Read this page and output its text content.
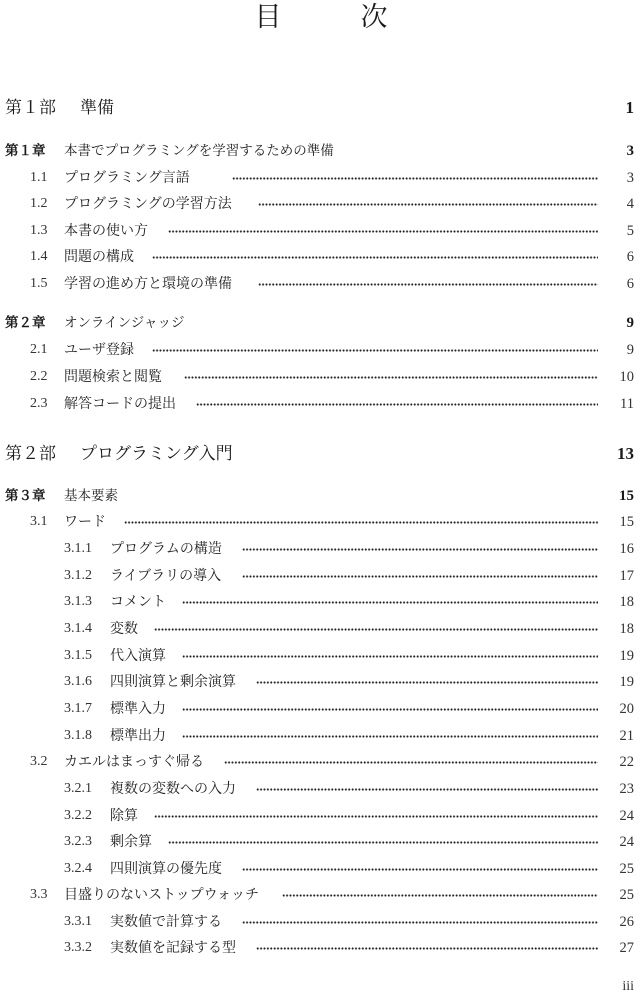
目　次
第１部 準備	1
第１章 本書でプログラミングを学習するための準備	3
1.1 プログラミング言語	3
1.2 プログラミングの学習方法	4
1.3 本書の使い方	5
1.4 問題の構成	6
1.5 学習の進め方と環境の準備	6
第２章 オンラインジャッジ	9
2.1 ユーザ登録	9
2.2 問題検索と閲覧	10
2.3 解答コードの提出	11
第２部 プログラミング入門	13
第３章 基本要素	15
3.1 ワード	15
3.1.1 プログラムの構造	16
3.1.2 ライブラリの導入	17
3.1.3 コメント	18
3.1.4 変数	18
3.1.5 代入演算	19
3.1.6 四則演算と剰余演算	19
3.1.7 標準入力	20
3.1.8 標準出力	21
3.2 カエルはまっすぐ帰る	22
3.2.1 複数の変数への入力	23
3.2.2 除算	24
3.2.3 剰余算	24
3.2.4 四則演算の優先度	25
3.3 目盛りのないストップウォッチ	25
3.3.1 実数値で計算する	26
3.3.2 実数値を記録する型	27
iii
